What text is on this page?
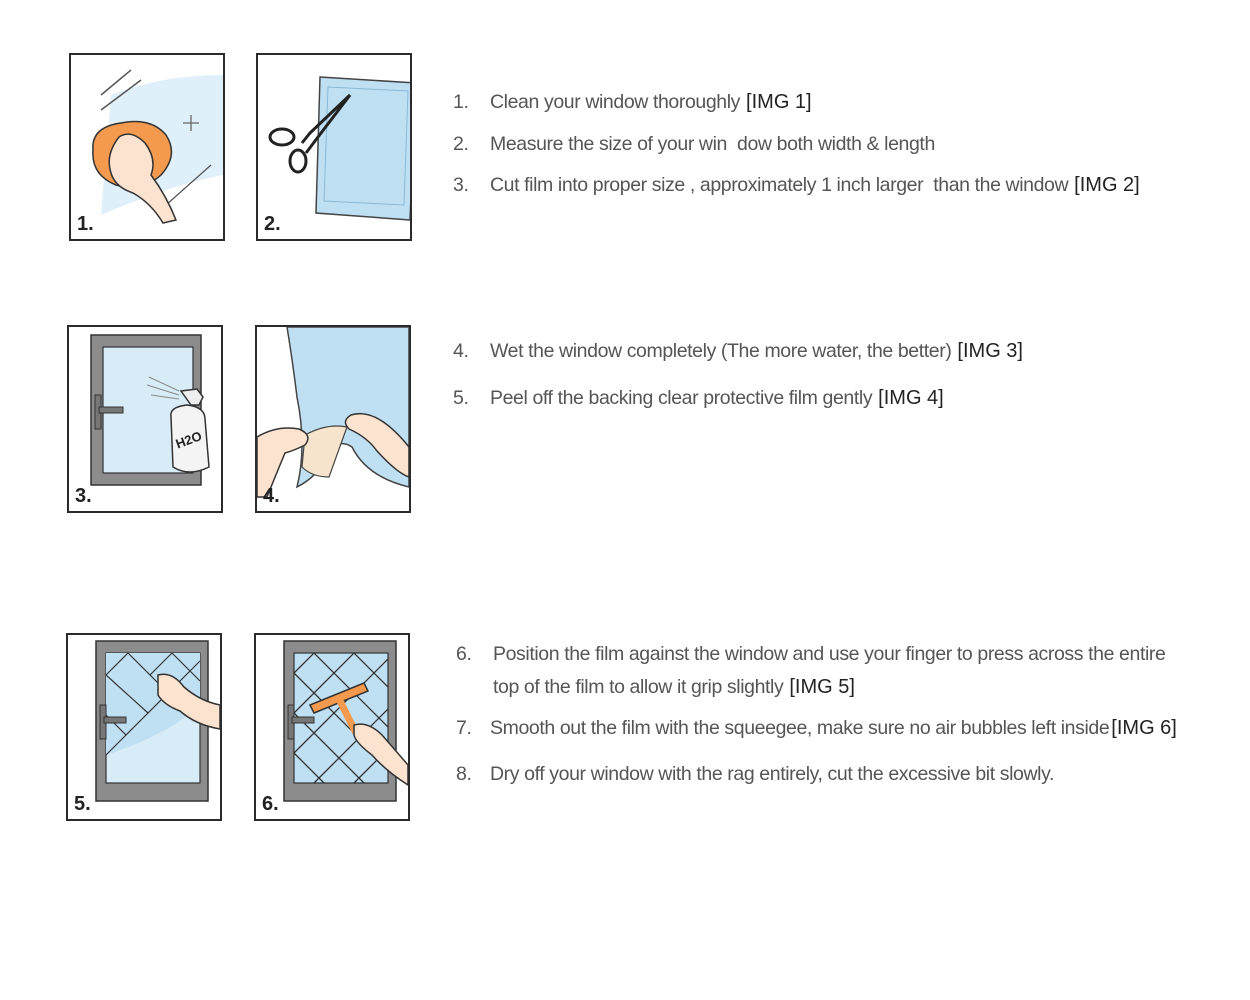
1.	2.
H2O
3.	4.
5.	6.
1. Clean your window thoroughly [IMG 1]
2. Measure the size of your win  dow both width & length
3. Cut film into proper size , approximately 1 inch larger  than the window [IMG 2]
4. Wet the window completely (The more water, the better) [IMG 3]
5. Peel off the backing clear protective film gently [IMG 4]
6. Position the film against the window and use your finger to press across the entire
top of the film to allow it grip slightly [IMG 5]
7. Smooth out the film with the squeegee, make sure no air bubbles left inside [IMG 6]
8. Dry off your window with the rag entirely, cut the excessive bit slowly.
